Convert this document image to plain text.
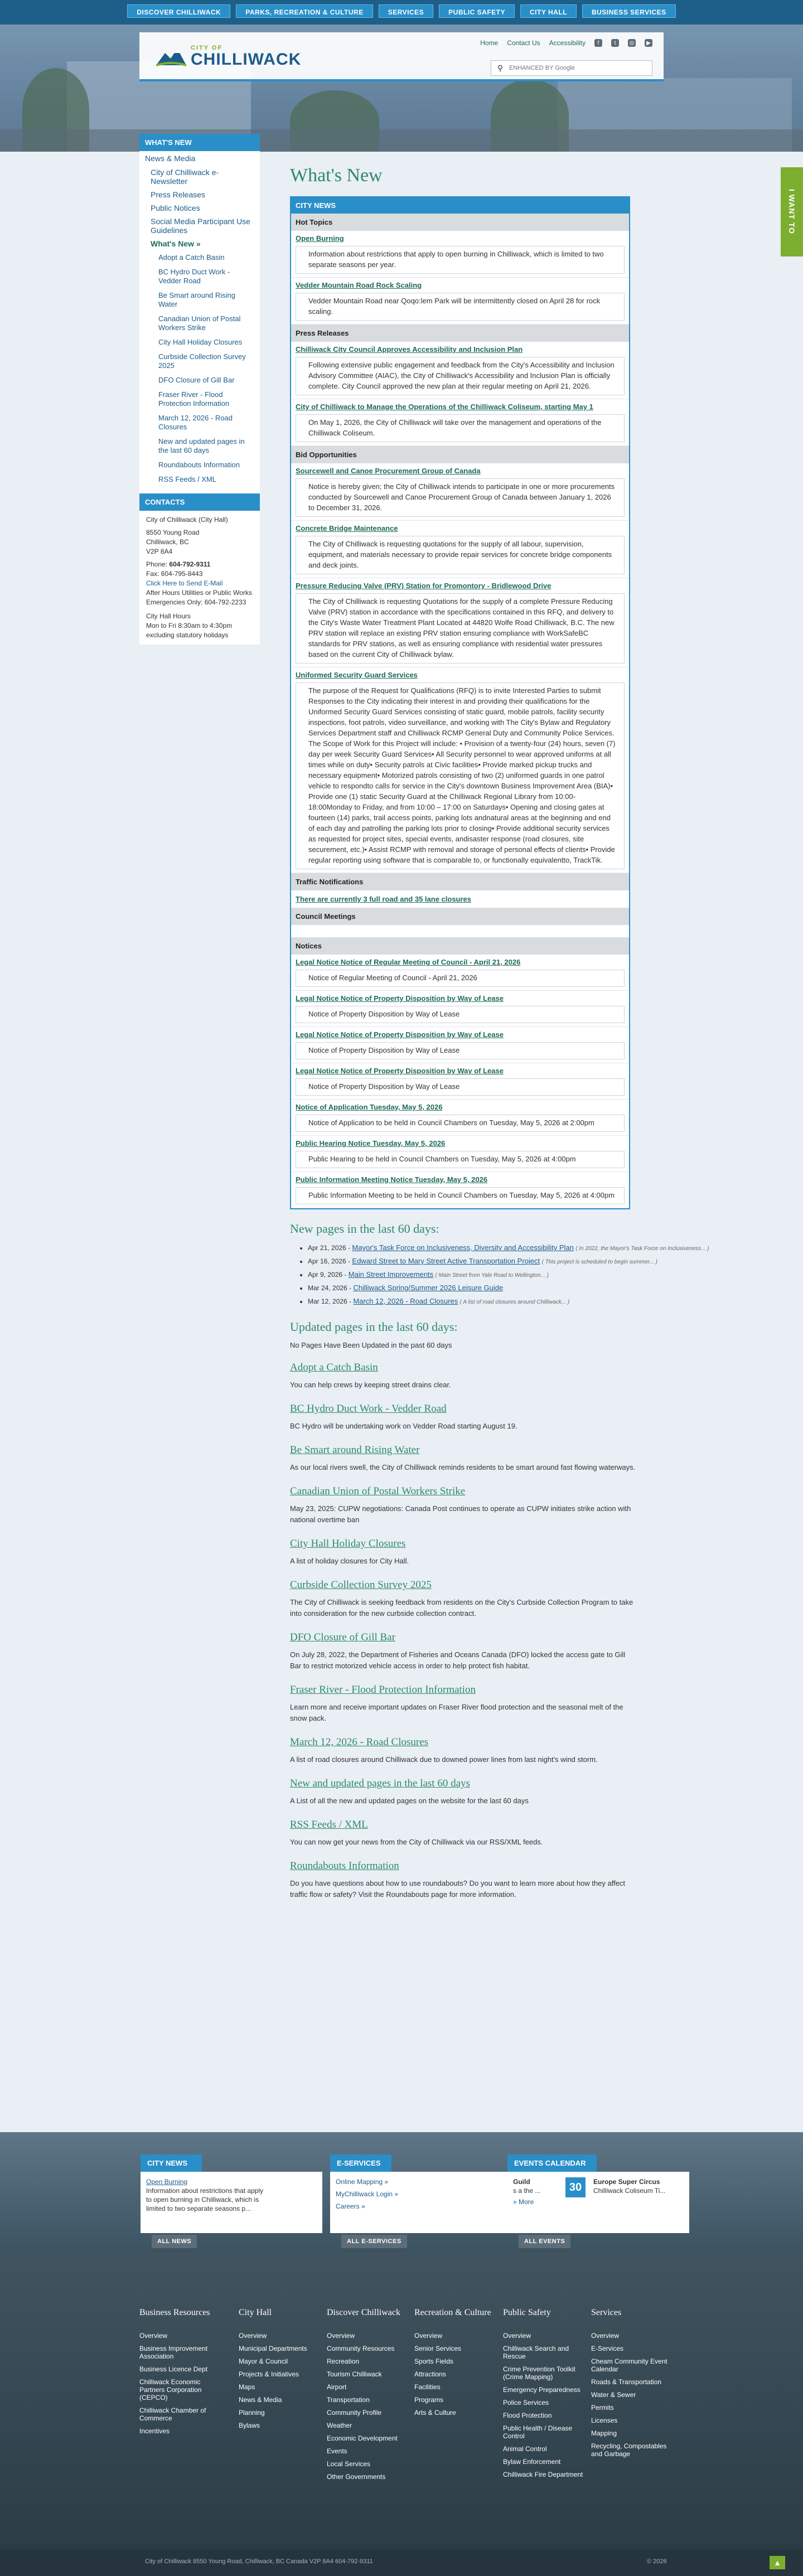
DISCOVER CHILLIWACK	PARKS, RECREATION & CULTURE	SERVICES	PUBLIC SAFETY	CITY HALL	BUSINESS SERVICES
CITY OF
CHILLIWACK
Home Contact Us Accessibility	f	t	◎	▶
⚲
ENHANCED BY Google
WHAT'S NEW
News & Media
City of Chilliwack e-Newsletter
Press Releases
Public Notices
Social Media Participant Use Guidelines
What's New »
Adopt a Catch Basin
BC Hydro Duct Work - Vedder Road
Be Smart around Rising Water
Canadian Union of Postal Workers Strike
City Hall Holiday Closures
Curbside Collection Survey 2025
DFO Closure of Gill Bar
Fraser River - Flood Protection Information
March 12, 2026 - Road Closures
New and updated pages in the last 60 days
Roundabouts Information
RSS Feeds / XML
CONTACTS
City of Chilliwack (City Hall)
8550 Young Road
Chilliwack, BC
V2P 8A4
Phone: 604-792-9311
Fax: 604-795-8443
Click Here to Send E-Mail
After Hours Utilities or Public Works
Emergencies Only: 604-792-2233
City Hall Hours
Mon to Fri 8:30am to 4:30pm
excluding statutory holidays
I WANT TO
What's New
CITY NEWS
Hot Topics
Open Burning
Information about restrictions that apply to open burning in Chilliwack, which is limited to two separate seasons per year.
Vedder Mountain Road Rock Scaling
Vedder Mountain Road near Qoqo:lem Park will be intermittently closed on April 28 for rock scaling.
Press Releases
Chilliwack City Council Approves Accessibility and Inclusion Plan
Following extensive public engagement and feedback from the City's Accessibility and Inclusion Advisory Committee (AIAC), the City of Chilliwack's Accessibility and Inclusion Plan is officially complete. City Council approved the new plan at their regular meeting on April 21, 2026.
City of Chilliwack to Manage the Operations of the Chilliwack Coliseum, starting May 1
On May 1, 2026, the City of Chilliwack will take over the management and operations of the Chilliwack Coliseum.
Bid Opportunities
Sourcewell and Canoe Procurement Group of Canada
Notice is hereby given; the City of Chilliwack intends to participate in one or more procurements conducted by Sourcewell and Canoe Procurement Group of Canada between January 1, 2026 to December 31, 2026.
Concrete Bridge Maintenance
The City of Chilliwack is requesting quotations for the supply of all labour, supervision, equipment, and materials necessary to provide repair services for concrete bridge components and deck joints.
Pressure Reducing Valve (PRV) Station for Promontory - Bridlewood Drive
The City of Chilliwack is requesting Quotations for the supply of a complete Pressure Reducing Valve (PRV) station in accordance with the specifications contained in this RFQ, and delivery to the City's Waste Water Treatment Plant Located at 44820 Wolfe Road Chilliwack, B.C. The new PRV station will replace an existing PRV station ensuring compliance with WorkSafeBC standards for PRV stations, as well as ensuring compliance with residential water pressures based on the current City of Chilliwack bylaw.
Uniformed Security Guard Services
The purpose of the Request for Qualifications (RFQ) is to invite Interested Parties to submit Responses to the City indicating their interest in and providing their qualifications for the Uniformed Security Guard Services consisting of static guard, mobile patrols, facility security inspections, foot patrols, video surveillance, and working with The City's Bylaw and Regulatory Services Department staff and Chilliwack RCMP General Duty and Community Police Services. The Scope of Work for this Project will include: • Provision of a twenty-four (24) hours, seven (7) day per week Security Guard Services• All Security personnel to wear approved uniforms at all times while on duty• Security patrols at Civic facilities• Provide marked pickup trucks and necessary equipment• Motorized patrols consisting of two (2) uniformed guards in one patrol vehicle to respondto calls for service in the City's downtown Business Improvement Area (BIA)• Provide one (1) static Security Guard at the Chilliwack Regional Library from 10:00-18:00Monday to Friday, and from 10:00 – 17:00 on Saturdays• Opening and closing gates at fourteen (14) parks, trail access points, parking lots andnatural areas at the beginning and end of each day and patrolling the parking lots prior to closing• Provide additional security services as requested for project sites, special events, andisaster response (road closures, site securement, etc.)• Assist RCMP with removal and storage of personal effects of clients• Provide regular reporting using software that is comparable to, or functionally equivalentto, TrackTik.
Traffic Notifications
There are currently 3 full road and 35 lane closures
Council Meetings
Notices
Legal Notice Notice of Regular Meeting of Council - April 21, 2026
Notice of Regular Meeting of Council - April 21, 2026
Legal Notice Notice of Property Disposition by Way of Lease
Notice of Property Disposition by Way of Lease
Legal Notice Notice of Property Disposition by Way of Lease
Notice of Property Disposition by Way of Lease
Legal Notice Notice of Property Disposition by Way of Lease
Notice of Property Disposition by Way of Lease
Notice of Application Tuesday, May 5, 2026
Notice of Application to be held in Council Chambers on Tuesday, May 5, 2026 at 2:00pm
Public Hearing Notice Tuesday, May 5, 2026
Public Hearing to be held in Council Chambers on Tuesday, May 5, 2026 at 4:00pm
Public Information Meeting Notice Tuesday, May 5, 2026
Public Information Meeting to be held in Council Chambers on Tuesday, May 5, 2026 at 4:00pm
New pages in the last 60 days:
• Apr 21, 2026 - Mayor's Task Force on Inclusiveness, Diversity and Accessibility Plan ( In 2022, the Mayor's Task Force on Inclusiveness... )
• Apr 16, 2026 - Edward Street to Mary Street Active Transportation Project ( This project is scheduled to begin summer... )
• Apr 9, 2026 - Main Street Improvements ( Main Street from Yale Road to Wellington... )
• Mar 24, 2026 - Chilliwack Spring/Summer 2026 Leisure Guide
• Mar 12, 2026 - March 12, 2026 - Road Closures ( A list of road closures around Chilliwack... )
Updated pages in the last 60 days:
No Pages Have Been Updated in the past 60 days
Adopt a Catch Basin
You can help crews by keeping street drains clear.
BC Hydro Duct Work - Vedder Road
BC Hydro will be undertaking work on Vedder Road starting August 19.
Be Smart around Rising Water
As our local rivers swell, the City of Chilliwack reminds residents to be smart around fast flowing waterways.
Canadian Union of Postal Workers Strike
May 23, 2025: CUPW negotiations: Canada Post continues to operate as CUPW initiates strike action with national overtime ban
City Hall Holiday Closures
A list of holiday closures for City Hall.
Curbside Collection Survey 2025
The City of Chilliwack is seeking feedback from residents on the City's Curbside Collection Program to take into consideration for the new curbside collection contract.
DFO Closure of Gill Bar
On July 28, 2022, the Department of Fisheries and Oceans Canada (DFO) locked the access gate to Gill Bar to restrict motorized vehicle access in order to help protect fish habitat.
Fraser River - Flood Protection Information
Learn more and receive important updates on Fraser River flood protection and the seasonal melt of the snow pack.
March 12, 2026 - Road Closures
A list of road closures around Chilliwack due to downed power lines from last night's wind storm.
New and updated pages in the last 60 days
A List of all the new and updated pages on the website for the last 60 days
RSS Feeds / XML
You can now get your news from the City of Chilliwack via our RSS/XML feeds.
Roundabouts Information
Do you have questions about how to use roundabouts? Do you want to learn more about how they affect traffic flow or safety? Visit the Roundabouts page for more information.
CITY NEWS
Open Burning
Information about restrictions that apply to open burning in Chilliwack, which is limited to two separate seasons p...
ALL NEWS
E-SERVICES
Online Mapping »
MyChilliwack Login »
Careers »
ALL E-SERVICES
EVENTS CALENDAR
Guild
s a the ...	30	Europe Super Circus
Chilliwack Coliseum Ti...
» More
ALL EVENTS
Business Resources
Overview
Business Improvement Association
Business Licence Dept
Chilliwack Economic Partners Corporation (CEPCO)
Chilliwack Chamber of Commerce
Incentives
City Hall
Overview
Municipal Departments
Mayor & Council
Projects & Initiatives
Maps
News & Media
Planning
Bylaws
Discover Chilliwack
Overview
Community Resources
Recreation
Tourism Chilliwack
Airport
Transportation
Community Profile
Weather
Economic Development
Events
Local Services
Other Governments
Recreation & Culture
Overview
Senior Services
Sports Fields
Attractions
Facilities
Programs
Arts & Culture
Public Safety
Overview
Chilliwack Search and Rescue
Crime Prevention Toolkit (Crime Mapping)
Emergency Preparedness
Police Services
Flood Protection
Public Health / Disease Control
Animal Control
Bylaw Enforcement
Chilliwack Fire Department
Services
Overview
E-Services
Cheam Community Event Calendar
Roads & Transportation
Water & Sewer
Permits
Licenses
Mapping
Recycling, Compostables and Garbage
City of Chilliwack 8550 Young Road, Chilliwack, BC Canada V2P 8A4 604-792-9311	© 2026	▲
